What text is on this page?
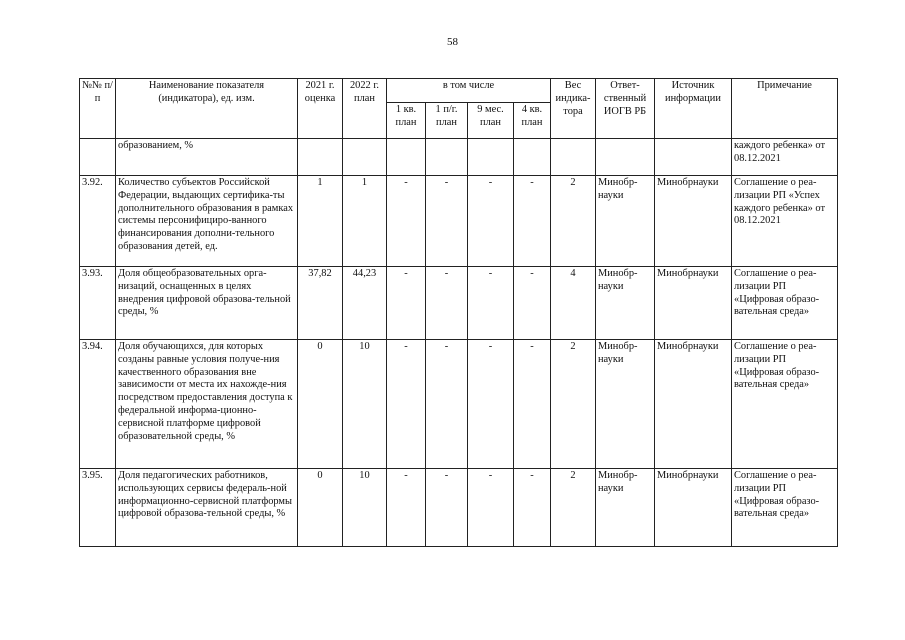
58
№№ п/п	Наименование показателя (индикатора), ед. изм.	2021 г. оценка	2022 г. план	в том числе				Вес индика-тора	Ответ-ственный ИОГВ РБ	Источник информации	Примечание
				1 кв. план	1 п/г. план	9 мес. план	4 кв. план				
	образованием, %										каждого ребенка» от 08.12.2021
3.92.	Количество субъектов Российской Федерации, выдающих сертифика-ты дополнительного образования в рамках системы персонифициро-ванного финансирования дополни-тельного образования детей, ед.	1	1	-	-	-	-	2	Минобр-науки	Минобрнауки	Соглашение о реа-лизации РП «Успех каждого ребенка» от 08.12.2021
3.93.	Доля общеобразовательных орга-низаций, оснащенных в целях внедрения цифровой образова-тельной среды, %	37,82	44,23	-	-	-	-	4	Минобр-науки	Минобрнауки	Соглашение о реа-лизации РП «Цифровая образо-вательная среда»
3.94.	Доля обучающихся, для которых созданы равные условия получе-ния качественного образования вне зависимости от места их нахожде-ния посредством предоставления доступа к федеральной информа-ционно-сервисной платформе цифровой образовательной среды, %	0	10	-	-	-	-	2	Минобр-науки	Минобрнауки	Соглашение о реа-лизации РП «Цифровая образо-вательная среда»
3.95.	Доля педагогических работников, использующих сервисы федераль-ной информационно-сервисной платформы цифровой образова-тельной среды, %	0	10	-	-	-	-	2	Минобр-науки	Минобрнауки	Соглашение о реа-лизации РП «Цифровая образо-вательная среда»
